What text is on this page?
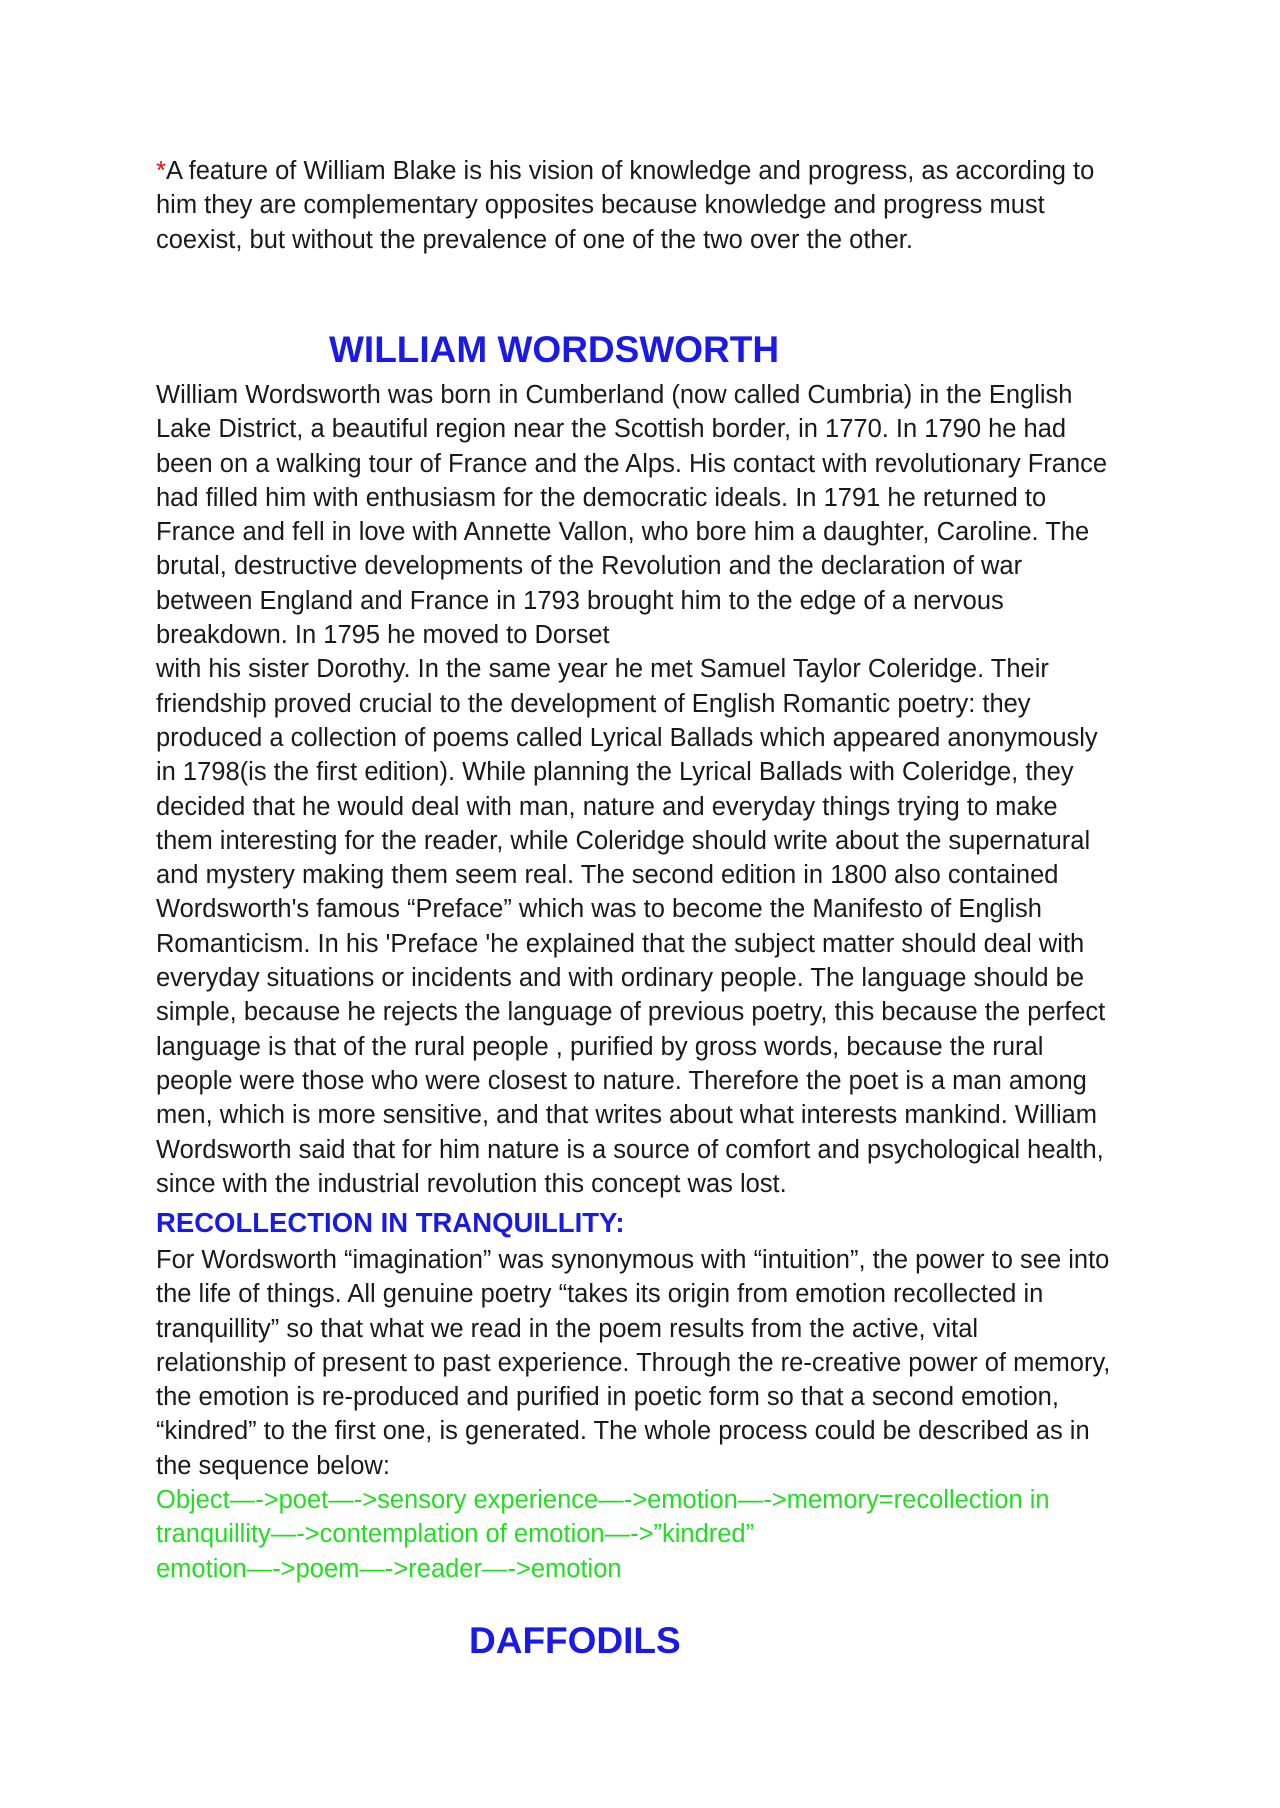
*A feature of William Blake is his vision of knowledge and progress, as according to
him they are complementary opposites because knowledge and progress must
coexist, but without the prevalence of one of the two over the other.

WILLIAM WORDSWORTH

William Wordsworth was born in Cumberland (now called Cumbria) in the English
Lake District, a beautiful region near the Scottish border, in 1770. In 1790 he had
been on a walking tour of France and the Alps. His contact with revolutionary France
had filled him with enthusiasm for the democratic ideals. In 1791 he returned to
France and fell in love with Annette Vallon, who bore him a daughter, Caroline. The
brutal, destructive developments of the Revolution and the declaration of war
between England and France in 1793 brought him to the edge of a nervous
breakdown. In 1795 he moved to Dorset
with his sister Dorothy. In the same year he met Samuel Taylor Coleridge. Their
friendship proved crucial to the development of English Romantic poetry: they
produced a collection of poems called Lyrical Ballads which appeared anonymously
in 1798(is the first edition). While planning the Lyrical Ballads with Coleridge, they
decided that he would deal with man, nature and everyday things trying to make
them interesting for the reader, while Coleridge should write about the supernatural
and mystery making them seem real. The second edition in 1800 also contained
Wordsworth's famous “Preface” which was to become the Manifesto of English
Romanticism. In his 'Preface 'he explained that the subject matter should deal with
everyday situations or incidents and with ordinary people. The language should be
simple, because he rejects the language of previous poetry, this because the perfect
language is that of the rural people , purified by gross words, because the rural
people were those who were closest to nature. Therefore the poet is a man among
men, which is more sensitive, and that writes about what interests mankind. William
Wordsworth said that for him nature is a source of comfort and psychological health,
since with the industrial revolution this concept was lost.

RECOLLECTION IN TRANQUILLITY:

For Wordsworth “imagination” was synonymous with “intuition”, the power to see into
the life of things. All genuine poetry “takes its origin from emotion recollected in
tranquillity” so that what we read in the poem results from the active, vital
relationship of present to past experience. Through the re-creative power of memory,
the emotion is re-produced and purified in poetic form so that a second emotion,
“kindred” to the first one, is generated. The whole process could be described as in
the sequence below:
Object—->poet—->sensory experience—->emotion—->memory=recollection in
tranquillity—->contemplation of emotion—->”kindred”
emotion—->poem—->reader—->emotion

DAFFODILS
